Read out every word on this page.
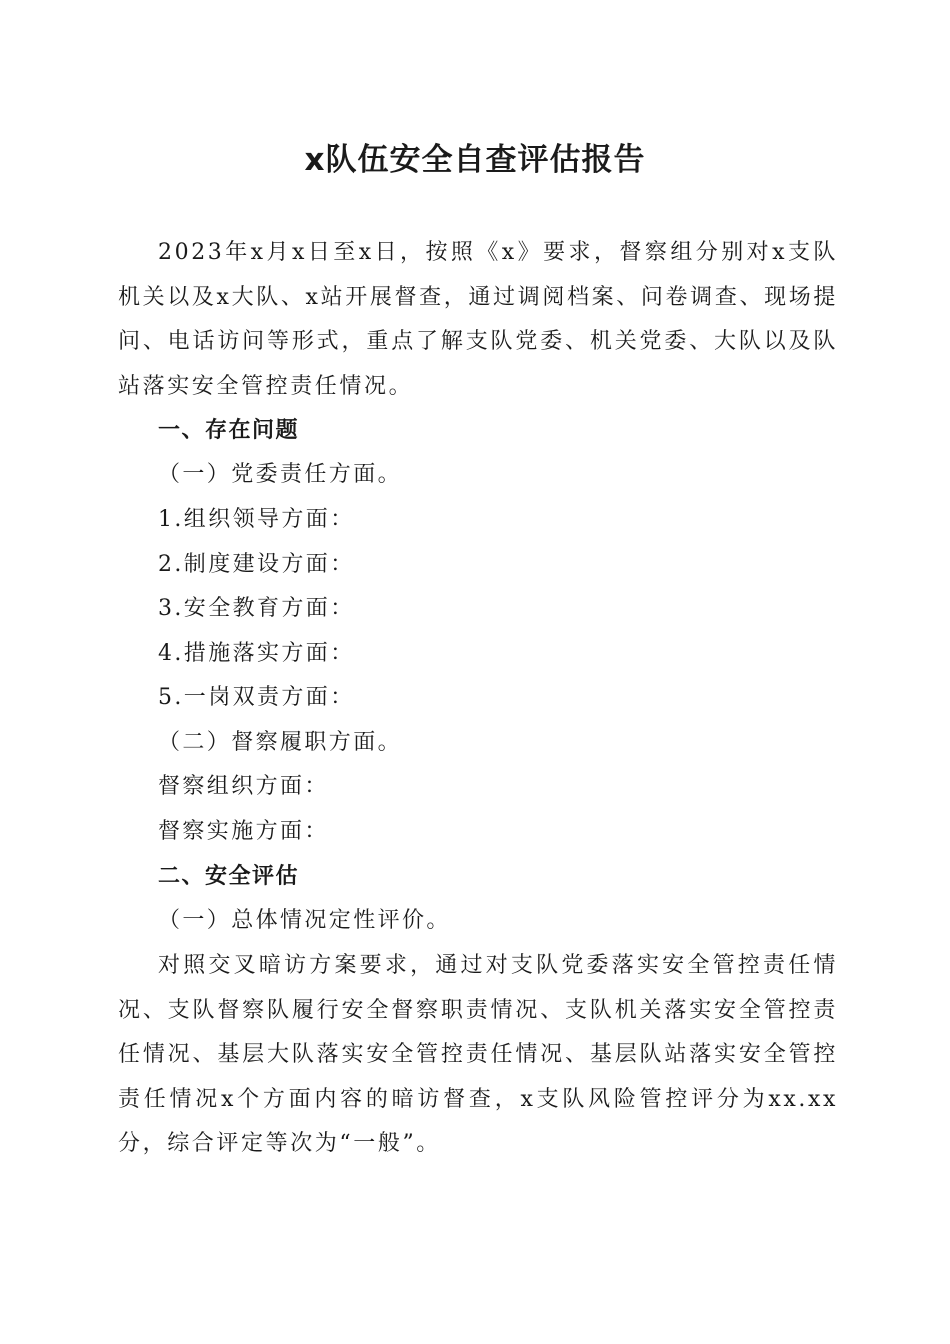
x队伍安全自查评估报告

2023年x月x日至x日，按照《x》要求，督察组分别对x支队机关以及x大队、x站开展督查，通过调阅档案、问卷调查、现场提问、电话访问等形式，重点了解支队党委、机关党委、大队以及队站落实安全管控责任情况。

一、存在问题
（一）党委责任方面。
1.组织领导方面：
2.制度建设方面：
3.安全教育方面：
4.措施落实方面：
5.一岗双责方面：
（二）督察履职方面。
督察组织方面：
督察实施方面：
二、安全评估
（一）总体情况定性评价。

对照交叉暗访方案要求，通过对支队党委落实安全管控责任情况、支队督察队履行安全督察职责情况、支队机关落实安全管控责任情况、基层大队落实安全管控责任情况、基层队站落实安全管控责任情况x个方面内容的暗访督查，x支队风险管控评分为xx.xx分，综合评定等次为“一般”。
